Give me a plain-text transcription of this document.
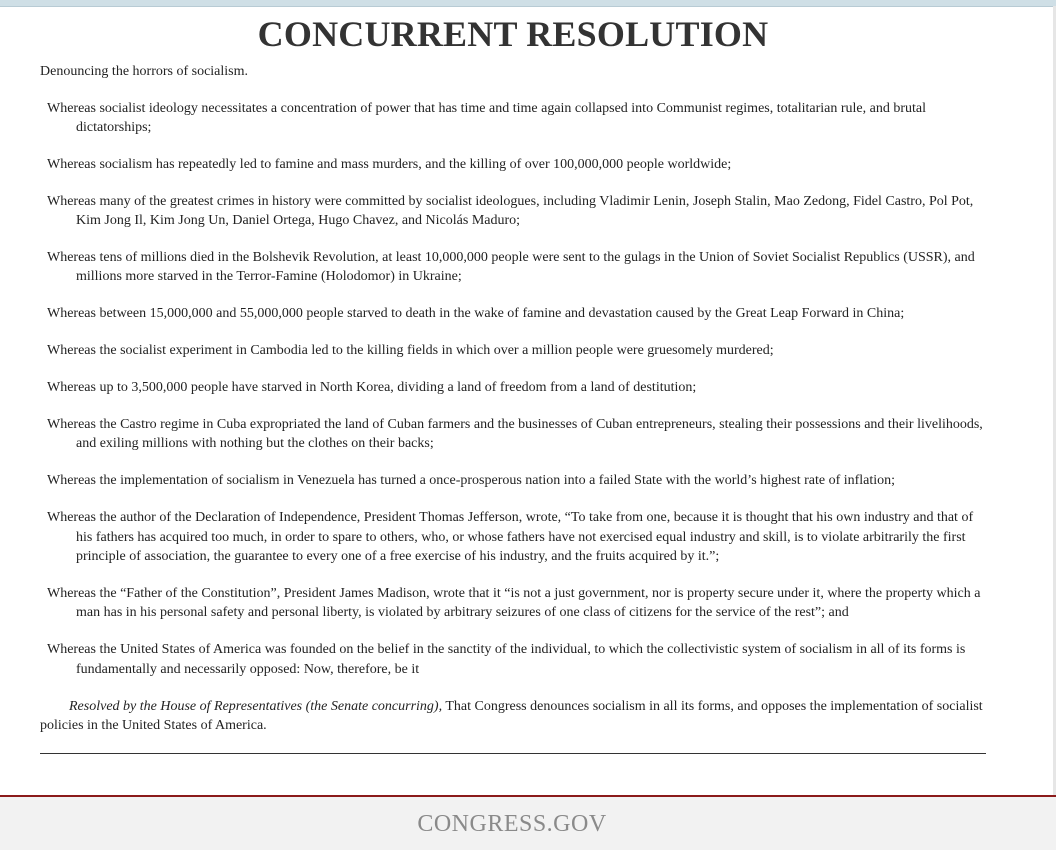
CONCURRENT RESOLUTION

Denouncing the horrors of socialism.

Whereas socialist ideology necessitates a concentration of power that has time and time again collapsed into Communist regimes, totalitarian rule, and brutal dictatorships;
Whereas socialism has repeatedly led to famine and mass murders, and the killing of over 100,000,000 people worldwide;
Whereas many of the greatest crimes in history were committed by socialist ideologues, including Vladimir Lenin, Joseph Stalin, Mao Zedong, Fidel Castro, Pol Pot, Kim Jong Il, Kim Jong Un, Daniel Ortega, Hugo Chavez, and Nicolás Maduro;
Whereas tens of millions died in the Bolshevik Revolution, at least 10,000,000 people were sent to the gulags in the Union of Soviet Socialist Republics (USSR), and millions more starved in the Terror-Famine (Holodomor) in Ukraine;
Whereas between 15,000,000 and 55,000,000 people starved to death in the wake of famine and devastation caused by the Great Leap Forward in China;
Whereas the socialist experiment in Cambodia led to the killing fields in which over a million people were gruesomely murdered;
Whereas up to 3,500,000 people have starved in North Korea, dividing a land of freedom from a land of destitution;
Whereas the Castro regime in Cuba expropriated the land of Cuban farmers and the businesses of Cuban entrepreneurs, stealing their possessions and their livelihoods, and exiling millions with nothing but the clothes on their backs;
Whereas the implementation of socialism in Venezuela has turned a once-prosperous nation into a failed State with the world’s highest rate of inflation;
Whereas the author of the Declaration of Independence, President Thomas Jefferson, wrote, “To take from one, because it is thought that his own industry and that of his fathers has acquired too much, in order to spare to others, who, or whose fathers have not exercised equal industry and skill, is to violate arbitrarily the first principle of association, the guarantee to every one of a free exercise of his industry, and the fruits acquired by it.”;
Whereas the “Father of the Constitution”, President James Madison, wrote that it “is not a just government, nor is property secure under it, where the property which a man has in his personal safety and personal liberty, is violated by arbitrary seizures of one class of citizens for the service of the rest”; and
Whereas the United States of America was founded on the belief in the sanctity of the individual, to which the collectivistic system of socialism in all of its forms is fundamentally and necessarily opposed: Now, therefore, be it

Resolved by the House of Representatives (the Senate concurring), That Congress denounces socialism in all its forms, and opposes the implementation of socialist policies in the United States of America.

CONGRESS.GOV
